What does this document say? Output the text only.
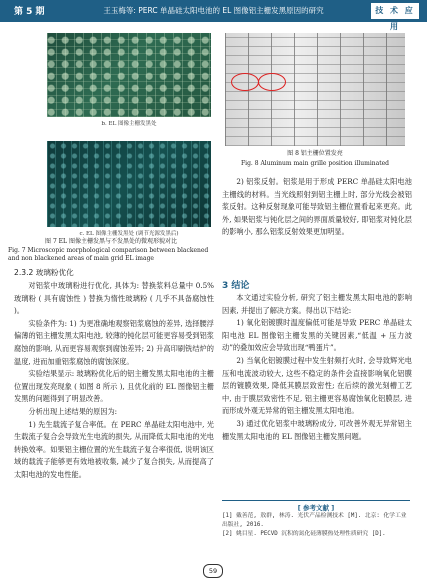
第 5 期	王玉梅等: PERC 单晶硅太阳电池的 EL 图像铝主栅发黑原因的研究	技 术 应 用
b. EL 图像主栅发黑处
c. EL 图像主栅发黑处 (调节光源发黑后)
图 7 EL 图像主栅发黑与不发黑处的微观形貌对比
Fig. 7 Microscopic morphological comparison between blackened and non blackened areas of main grid EL image
图 8 铝主栅位置发亮
Fig. 8 Aluminum main grille position illuminated
2.3.2 玻璃粉优化

对铝浆中玻璃粉进行优化, 具体为: 替换浆料总量中 0.5% 玻璃粉 ( 具有腐蚀性 ) 替换为惰性玻璃粉 ( 几乎不具备腐蚀性 )。

实验条件为: 1) 为更准确地观察铝浆腐蚀的差异, 选择腰浮偏薄的铝主栅发黑太阳电池, 较薄的钝化层可能更容易受到铝浆腐蚀的影响, 从而更容易观察到腐蚀差异; 2) 升高印刷铣结炉的温度, 进而加重铝浆腐蚀的腐蚀深度。

实验结果显示: 玻璃粉优化后的铝主栅发黑太阳电池的主栅位置出现发亮现象 ( 如图 8 所示 ), 且优化前的 EL 图像铝主栅发黑的问题得到了明显改善。

分析出现上述结果的原因为:

1) 先生载流子复合率低。在 PERC 单晶硅太阳电池中, 光生载流子复合会导致光生电流的损失, 从而降低太阳电池的光电转换效率。如果铝主栅位置的光生载流子复合率很低, 说明该区域的载流子能够更有效地被收集, 减少了复合损失, 从而提高了太阳电池的发电性能。

2) 铝浆反射。铝浆是用于形成 PERC 单晶硅太阳电池主栅线的材料。当光线照射到铝主栅上时, 部分光线会被铝浆反射。这种反射现象可能导致铝主栅位置看起来更亮。此外, 如果铝浆与钝化层之间的界面质量较好, 即铝浆对钝化层的影响小, 那么铝浆反射效果更加明显。

3 结论

本文通过实验分析, 研究了铝主栅发黑太阳电池的影响因素, 并提出了解决方案。得出以下结论:

1) 氧化铝镀膜时温度偏低可能是导致 PERC 单晶硅太阳电池 EL 图像铝主栅发黑的关键因素,“低温 + 压力波动”的叠加效应会导致出现“鸭蛋片”。

2) 当氧化铝镀膜过程中发生射频打火时, 会导致辉光电压和电流波动较大, 这些不稳定的条件会直接影响氧化铝膜层的镀膜效果, 降低其膜层致密性; 在后续的激光刻槽工艺中, 由于膜层致密性不足, 铝主栅更容易腐蚀氧化铝膜层, 进而形成外观无异常的铝主栅发黑太阳电池。

3) 通过优化铝浆中玻璃粉成分, 可改善外观无异常铝主栅发黑太阳电池的 EL 图像铝主栅发黑问题。

[ 参考文献 ]
[1] 戴善范, 敖群, 林涛. 光伏产品检测技术 [M]. 北京: 化学工业出版社, 2016.
[2] 姚目星. PECVD 沉积的氮化硅薄膜热处理性质研究 [D].
59
